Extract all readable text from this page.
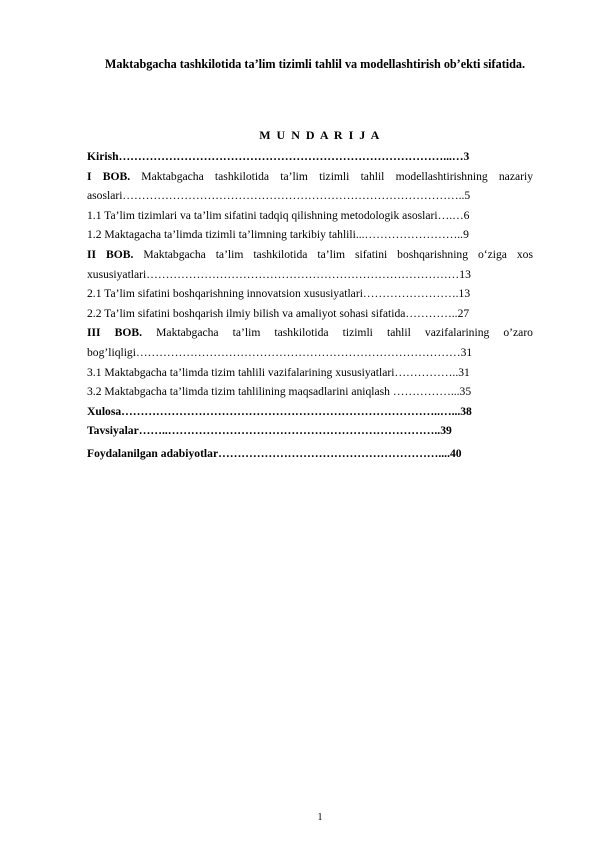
Maktabgacha tashkilotida ta’lim tizimli tahlil va modellashtirish ob’ekti sifatida.
M U N D A R I J A
Kirish…………………………………………………………………………...…3
I BOB. Maktabgacha tashkilotida ta’lim tizimli tahlil modellashtirishning nazariy
asoslari……………………………………………………………………………..5
1.1 Ta’lim tizimlari va ta’lim sifatini tadqiq qilishning metodologik asoslari….…6
1.2 Maktagacha ta’limda tizimli ta’limning tarkibiy tahlili...……………………..9
II BOB. Maktabgacha ta’lim tashkilotida ta’lim sifatini boshqarishning o‘ziga xos
xususiyatlari………………………………………………………………………13
2.1 Ta’lim sifatini boshqarishning innovatsion xususiyatlari…………………….13
2.2 Ta’lim sifatini boshqarish ilmiy bilish va amaliyot sohasi sifatida…………..27
III BOB. Maktabgacha ta’lim tashkilotida tizimli tahlil vazifalarining o’zaro
bog’liqligi…………………………………………………………………………31
3.1 Maktabgacha ta’limda tizim tahlili vazifalarining xususiyatlari……………..31
3.2 Maktabgacha ta’limda tizim tahlilining maqsadlarini aniqlash ……………...35
Xulosa………………………………………………………………………..…...38
Tavsiyalar……..……………………………………………………………..39
Foydalanilgan adabiyotlar…………………………………………………....40
1
